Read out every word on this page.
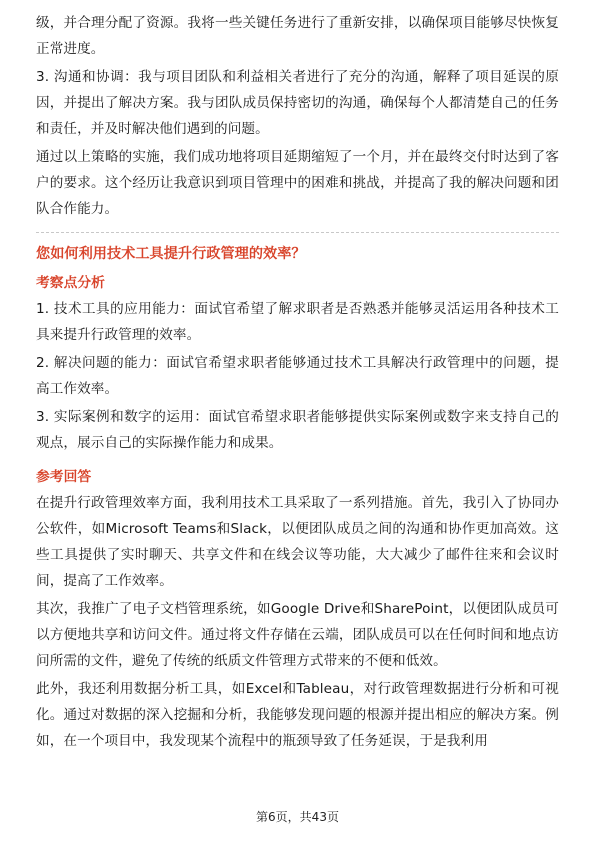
级，并合理分配了资源。我将一些关键任务进行了重新安排，以确保项目能够尽快恢复正常进度。

3. 沟通和协调：我与项目团队和利益相关者进行了充分的沟通，解释了项目延误的原因，并提出了解决方案。我与团队成员保持密切的沟通，确保每个人都清楚自己的任务和责任，并及时解决他们遇到的问题。

通过以上策略的实施，我们成功地将项目延期缩短了一个月，并在最终交付时达到了客户的要求。这个经历让我意识到项目管理中的困难和挑战，并提高了我的解决问题和团队合作能力。

您如何利用技术工具提升行政管理的效率？
考察点分析

1. 技术工具的应用能力：面试官希望了解求职者是否熟悉并能够灵活运用各种技术工具来提升行政管理的效率。

2. 解决问题的能力：面试官希望求职者能够通过技术工具解决行政管理中的问题，提高工作效率。

3. 实际案例和数字的运用：面试官希望求职者能够提供实际案例或数字来支持自己的观点，展示自己的实际操作能力和成果。

参考回答

在提升行政管理效率方面，我利用技术工具采取了一系列措施。首先，我引入了协同办公软件，如Microsoft Teams和Slack，以便团队成员之间的沟通和协作更加高效。这些工具提供了实时聊天、共享文件和在线会议等功能，大大减少了邮件往来和会议时间，提高了工作效率。

其次，我推广了电子文档管理系统，如Google Drive和SharePoint，以便团队成员可以方便地共享和访问文件。通过将文件存储在云端，团队成员可以在任何时间和地点访问所需的文件，避免了传统的纸质文件管理方式带来的不便和低效。

此外，我还利用数据分析工具，如Excel和Tableau，对行政管理数据进行分析和可视化。通过对数据的深入挖掘和分析，我能够发现问题的根源并提出相应的解决方案。例如，在一个项目中，我发现某个流程中的瓶颈导致了任务延误，于是我利用

第6页，共43页
